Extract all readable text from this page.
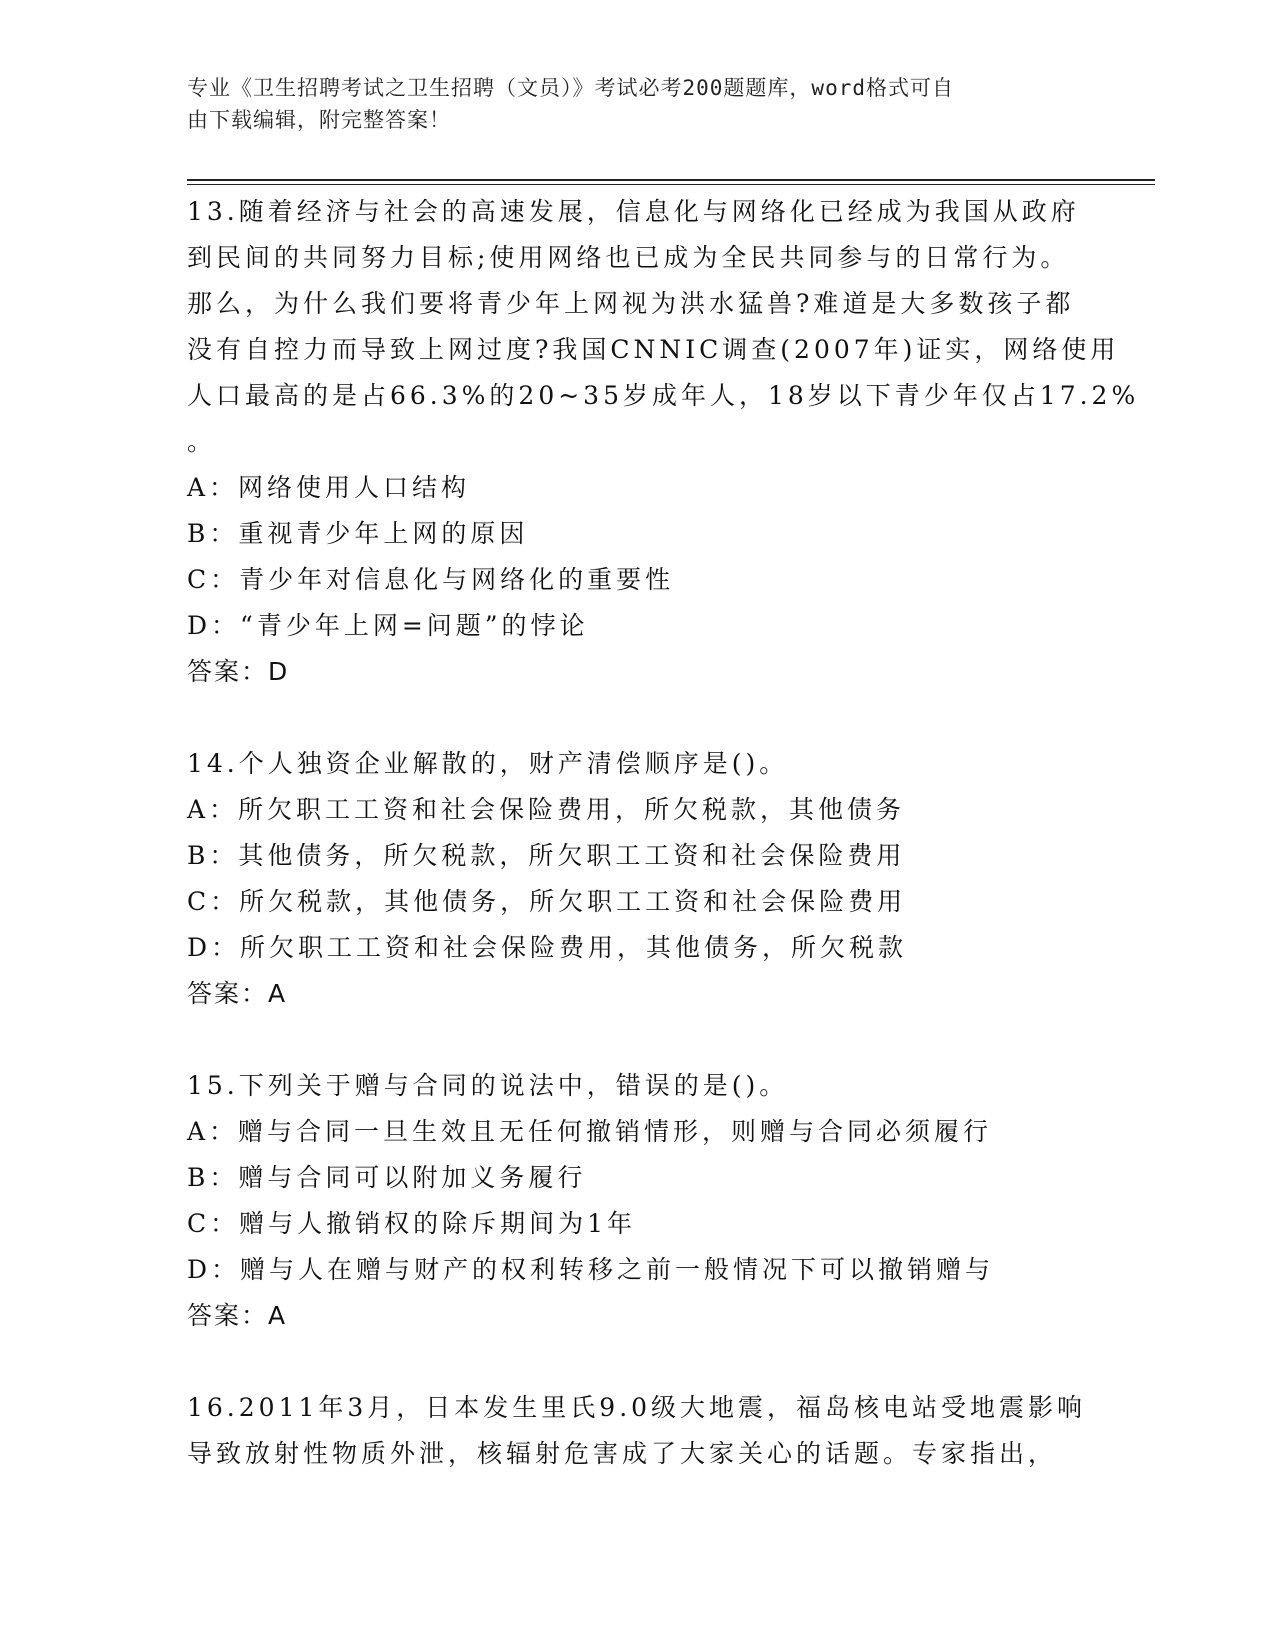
专业《卫生招聘考试之卫生招聘（文员）》考试必考200题题库，word格式可自
由下载编辑，附完整答案！
13.随着经济与社会的高速发展，信息化与网络化已经成为我国从政府
到民间的共同努力目标;使用网络也已成为全民共同参与的日常行为。
那么，为什么我们要将青少年上网视为洪水猛兽?难道是大多数孩子都
没有自控力而导致上网过度?我国CNNIC调查(2007年)证实，网络使用
人口最高的是占66.3%的20~35岁成年人，18岁以下青少年仅占17.2%
。
A：网络使用人口结构
B：重视青少年上网的原因
C：青少年对信息化与网络化的重要性
D：“青少年上网=问题”的悖论
答案：D
14.个人独资企业解散的，财产清偿顺序是()。
A：所欠职工工资和社会保险费用，所欠税款，其他债务
B：其他债务，所欠税款，所欠职工工资和社会保险费用
C：所欠税款，其他债务，所欠职工工资和社会保险费用
D：所欠职工工资和社会保险费用，其他债务，所欠税款
答案：A
15.下列关于赠与合同的说法中，错误的是()。
A：赠与合同一旦生效且无任何撤销情形，则赠与合同必须履行
B：赠与合同可以附加义务履行
C：赠与人撤销权的除斥期间为1年
D：赠与人在赠与财产的权利转移之前一般情况下可以撤销赠与
答案：A
16.2011年3月，日本发生里氏9.0级大地震，福岛核电站受地震影响
导致放射性物质外泄，核辐射危害成了大家关心的话题。专家指出，
